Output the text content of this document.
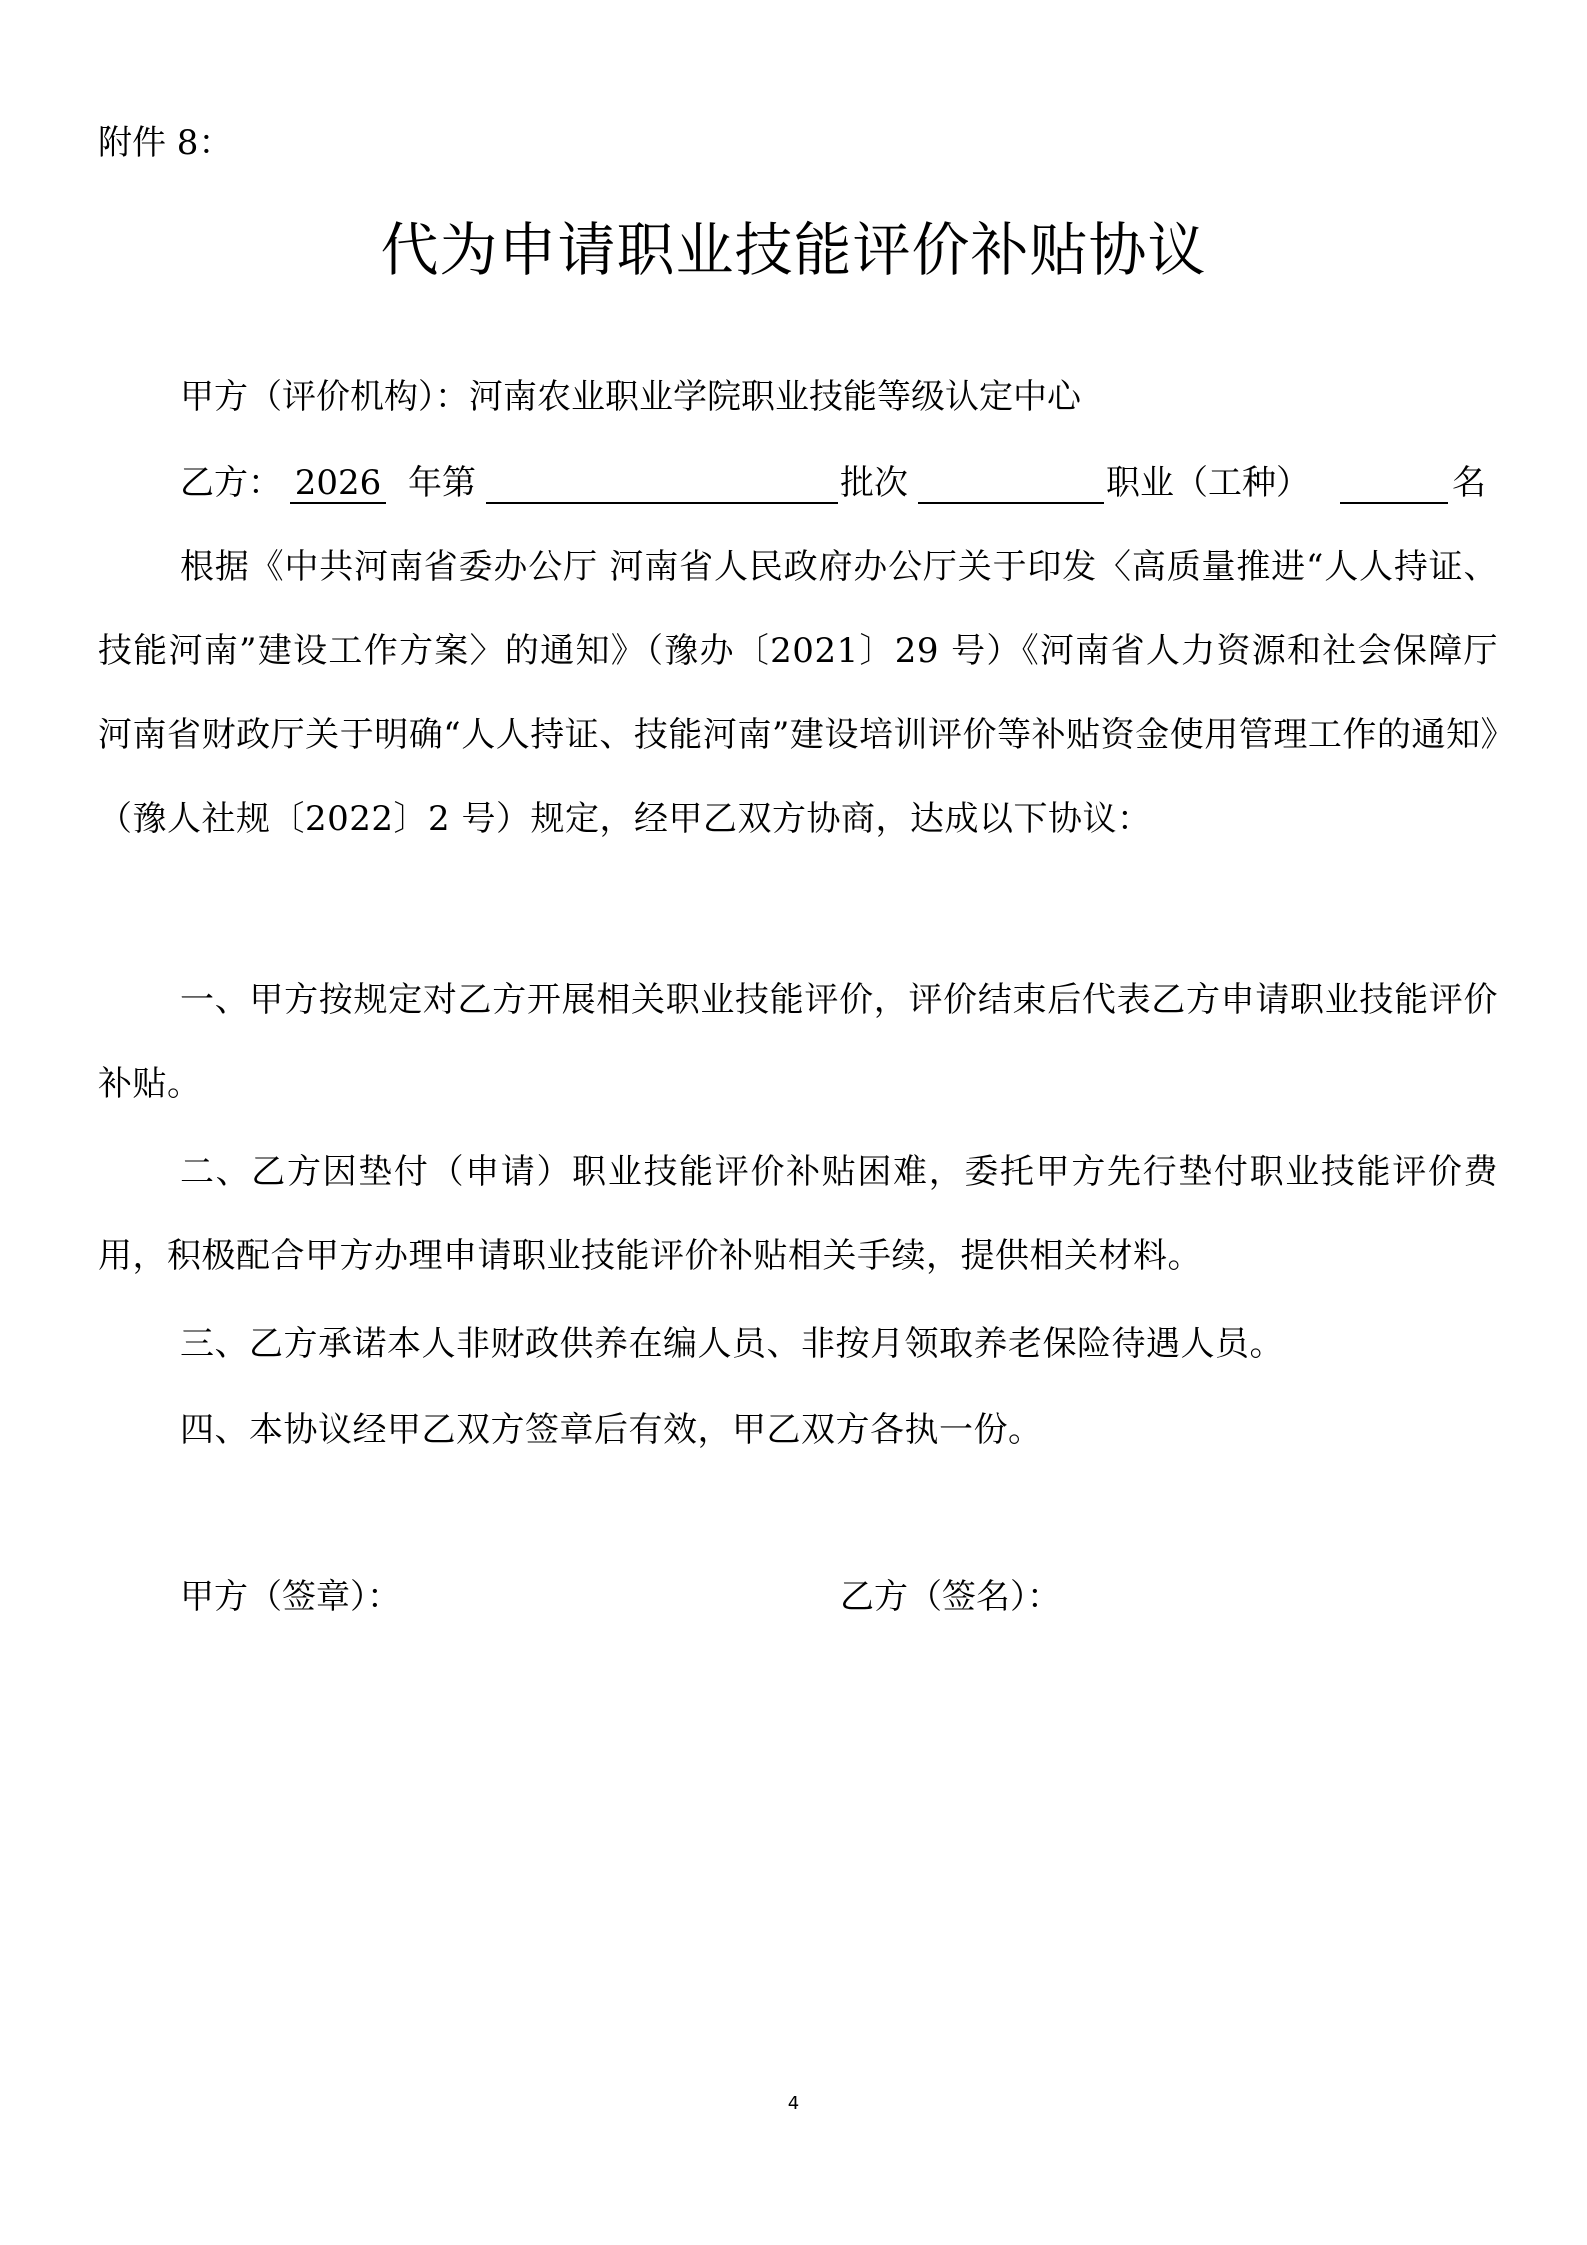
附件 8：
代为申请职业技能评价补贴协议
甲方（评价机构）：河南农业职业学院职业技能等级认定中心
乙方： 2026 年第	批次	职业（工种）	名
根据《中共河南省委办公厅 河南省人民政府办公厅关于印发〈高质量推进“人人持证、技能河南”建设工作方案〉的通知》（豫办〔2021〕29 号）《河南省人力资源和社会保障厅 河南省财政厅关于明确“人人持证、技能河南”建设培训评价等补贴资金使用管理工作的通知》（豫人社规〔2022〕2 号）规定，经甲乙双方协商，达成以下协议：
一、甲方按规定对乙方开展相关职业技能评价，评价结束后代表乙方申请职业技能评价补贴。
二、乙方因垫付（申请）职业技能评价补贴困难，委托甲方先行垫付职业技能评价费用，积极配合甲方办理申请职业技能评价补贴相关手续，提供相关材料。
三、乙方承诺本人非财政供养在编人员、非按月领取养老保险待遇人员。
四、本协议经甲乙双方签章后有效，甲乙双方各执一份。
甲方（签章）：	乙方（签名）：
4
